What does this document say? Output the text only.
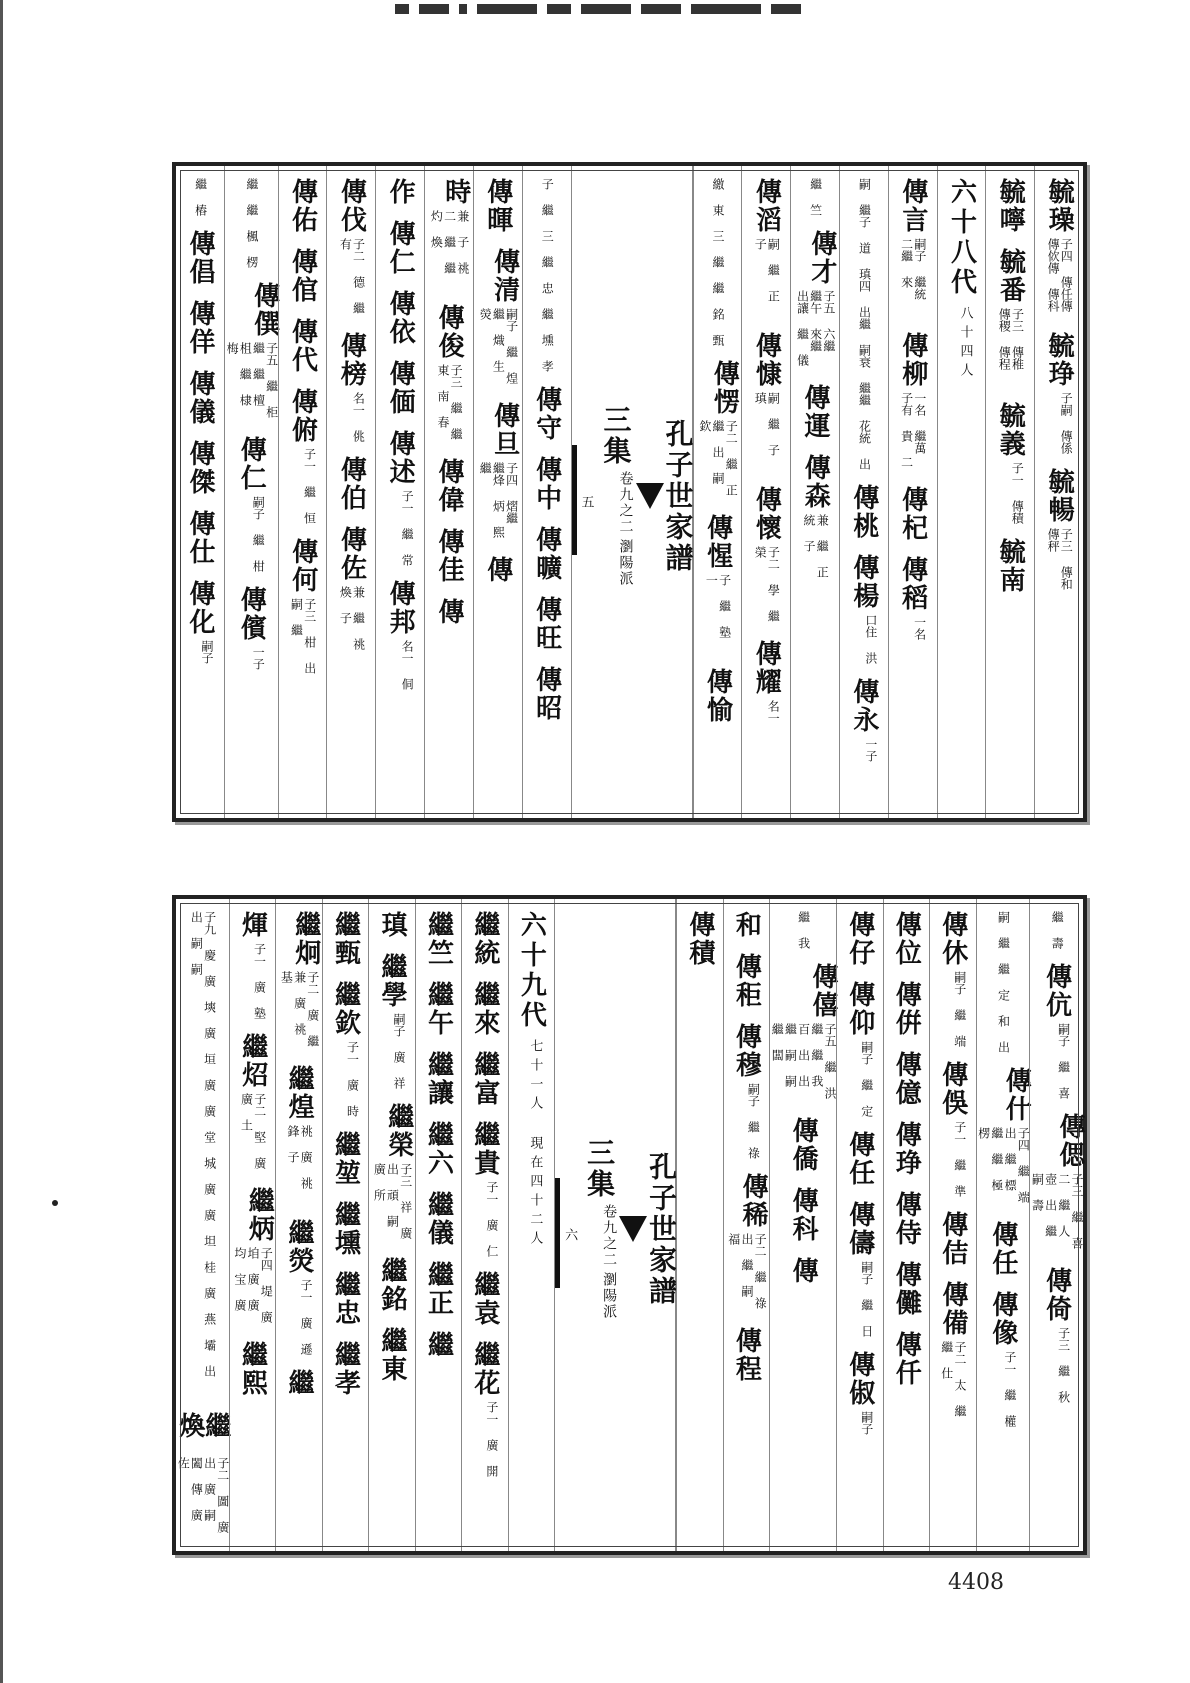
毓璪
子四 傳任傳 傳佽傳 傳科
毓琤
子嗣 傳係
毓暢
子三 傳和 傳秤
毓嚀
毓番
子三 傳稚 傳稷 傳程
毓義
子一 傳積
毓南
六十八代
八十四人
傳言
嗣子 繼統 二繼 來
傳柳
一名 繼萬 子有 貴 二
傳杞
傳稻
一名
嗣 繼子 道 瑱四 出繼 嗣衰 繼繼 花統 出
傳桃
傳楊
口住 洪
傳永
一子
繼 竺
傳才
子五 六繼 繼午 來繼 出讓 繼 儀
傳運
傳森
兼 繼 正 統 子
傳滔
嗣 繼 正 子
傳慷
嗣 繼 子 瑱
傳懷
子二 學 繼 榮
傳耀
名一
繳 東 三 繼 繼 銘 甄
傳愣
子二 繼 正 繼 出 嗣 欽
傳惺
子 繼 塾 一
傳愉
孔子世家譜
三集
卷九之二
瀏陽派
五
子 繼 三 繼 忠 繼 壎 孝
傳守
傳中
傳曠
傳旺
傳昭
傳暉
傳清
嗣子 繼 煌 繼 熾 生 熒
傳旦
子四 熠繼 繼烽 炳 熙繼
傳
時
兼 子 祧 二 繼 繼 灼 煥
傳俊
子三 繼 繼 東 南 春
傳偉
傳佳
傳
作
傳仁
傳依
傳偭
傳述
子一 繼 常
傳邦
名一 侗
傳伐
子二 德 繼 有
傳榜
名一 佻
傳伯
傳佐
兼 繼 祧 煥 子
傳佑
傳倌
傳代
傳俯
子一 繼 恒
傳何
子三 柑 出 嗣 繼
繼 繼 楓 楞
傳僎
子五 繼 柜 繼 繼 檀 柤 繼 棣 梅
傳仁
嗣子 繼 柑
傳儐
一子
繼 樁
傳倡
傳佯
傳儀
傳傑
傳仕
傳化
嗣子
繼 壽
傳伉
嗣子 繼 喜
傳偲
子三 繼 喜 二 繼 人 壺 出 繼 嗣 壽
傳倚
子三 繼 秋
嗣 繼 繼 定 和 出
傳什
子四 繼 端 出 繼 標 繼 繼 極 楞
傳任
傳像
子一 繼 權
傳休
嗣子 繼 端
傳俁
子一 繼 準
傳佶
傳備
子二 太 繼 繼 仕
傳位
傳倂
傳億
傳琤
傳侍
傳儺
傳仟
傳仔
傳仰
嗣子 繼 定
傳任
傳儔
嗣子 繼 日
傳俶
嗣子
繼 我
傳僖
子五 繼 洪 繼 繼 我 百 出 出 繼 嗣 嗣 繼 闆
傳僑
傳科
傳
和
傳秬
傳穆
嗣子 繼 祿
傳稀
子二 繼 祿 出 繼 嗣 福
傳程
傳積
孔子世家譜
三集
卷九之二
瀏陽派
六
六十九代
七十一人 現在四十二人
繼統
繼來
繼富
繼貴
子一 廣 仁
繼袁
繼花
子一 廣 開
繼竺
繼午
繼讓
繼六
繼儀
繼正
繼
瑱
繼學
嗣子 廣 祥
繼榮
子三 祥 廣 出 頑 嗣 廣 所
繼銘
繼東
繼甄
繼欽
子一 廣 時
繼堃
繼壎
繼忠
繼孝
繼炯
子二 廣 繼 兼 廣 祧 基
繼煌
祧 廣 祧 鋒 子
繼熒
子一 廣 遜
繼
煇
子一 廣 塾
繼炤
子二 堅 廣 廣 土
繼炳
子四 堤 廣 垍 廣 廣 均 宝 廣
繼熙
子九 慶 廣 塽 廣 垣 廣 廣 堂 城 廣 廣 坦 桂 廣 燕 壩 出 出 嗣 嗣
繼煥
子二 圖 廣 出 廣 嗣 闔 傳 廣 佐
4408
